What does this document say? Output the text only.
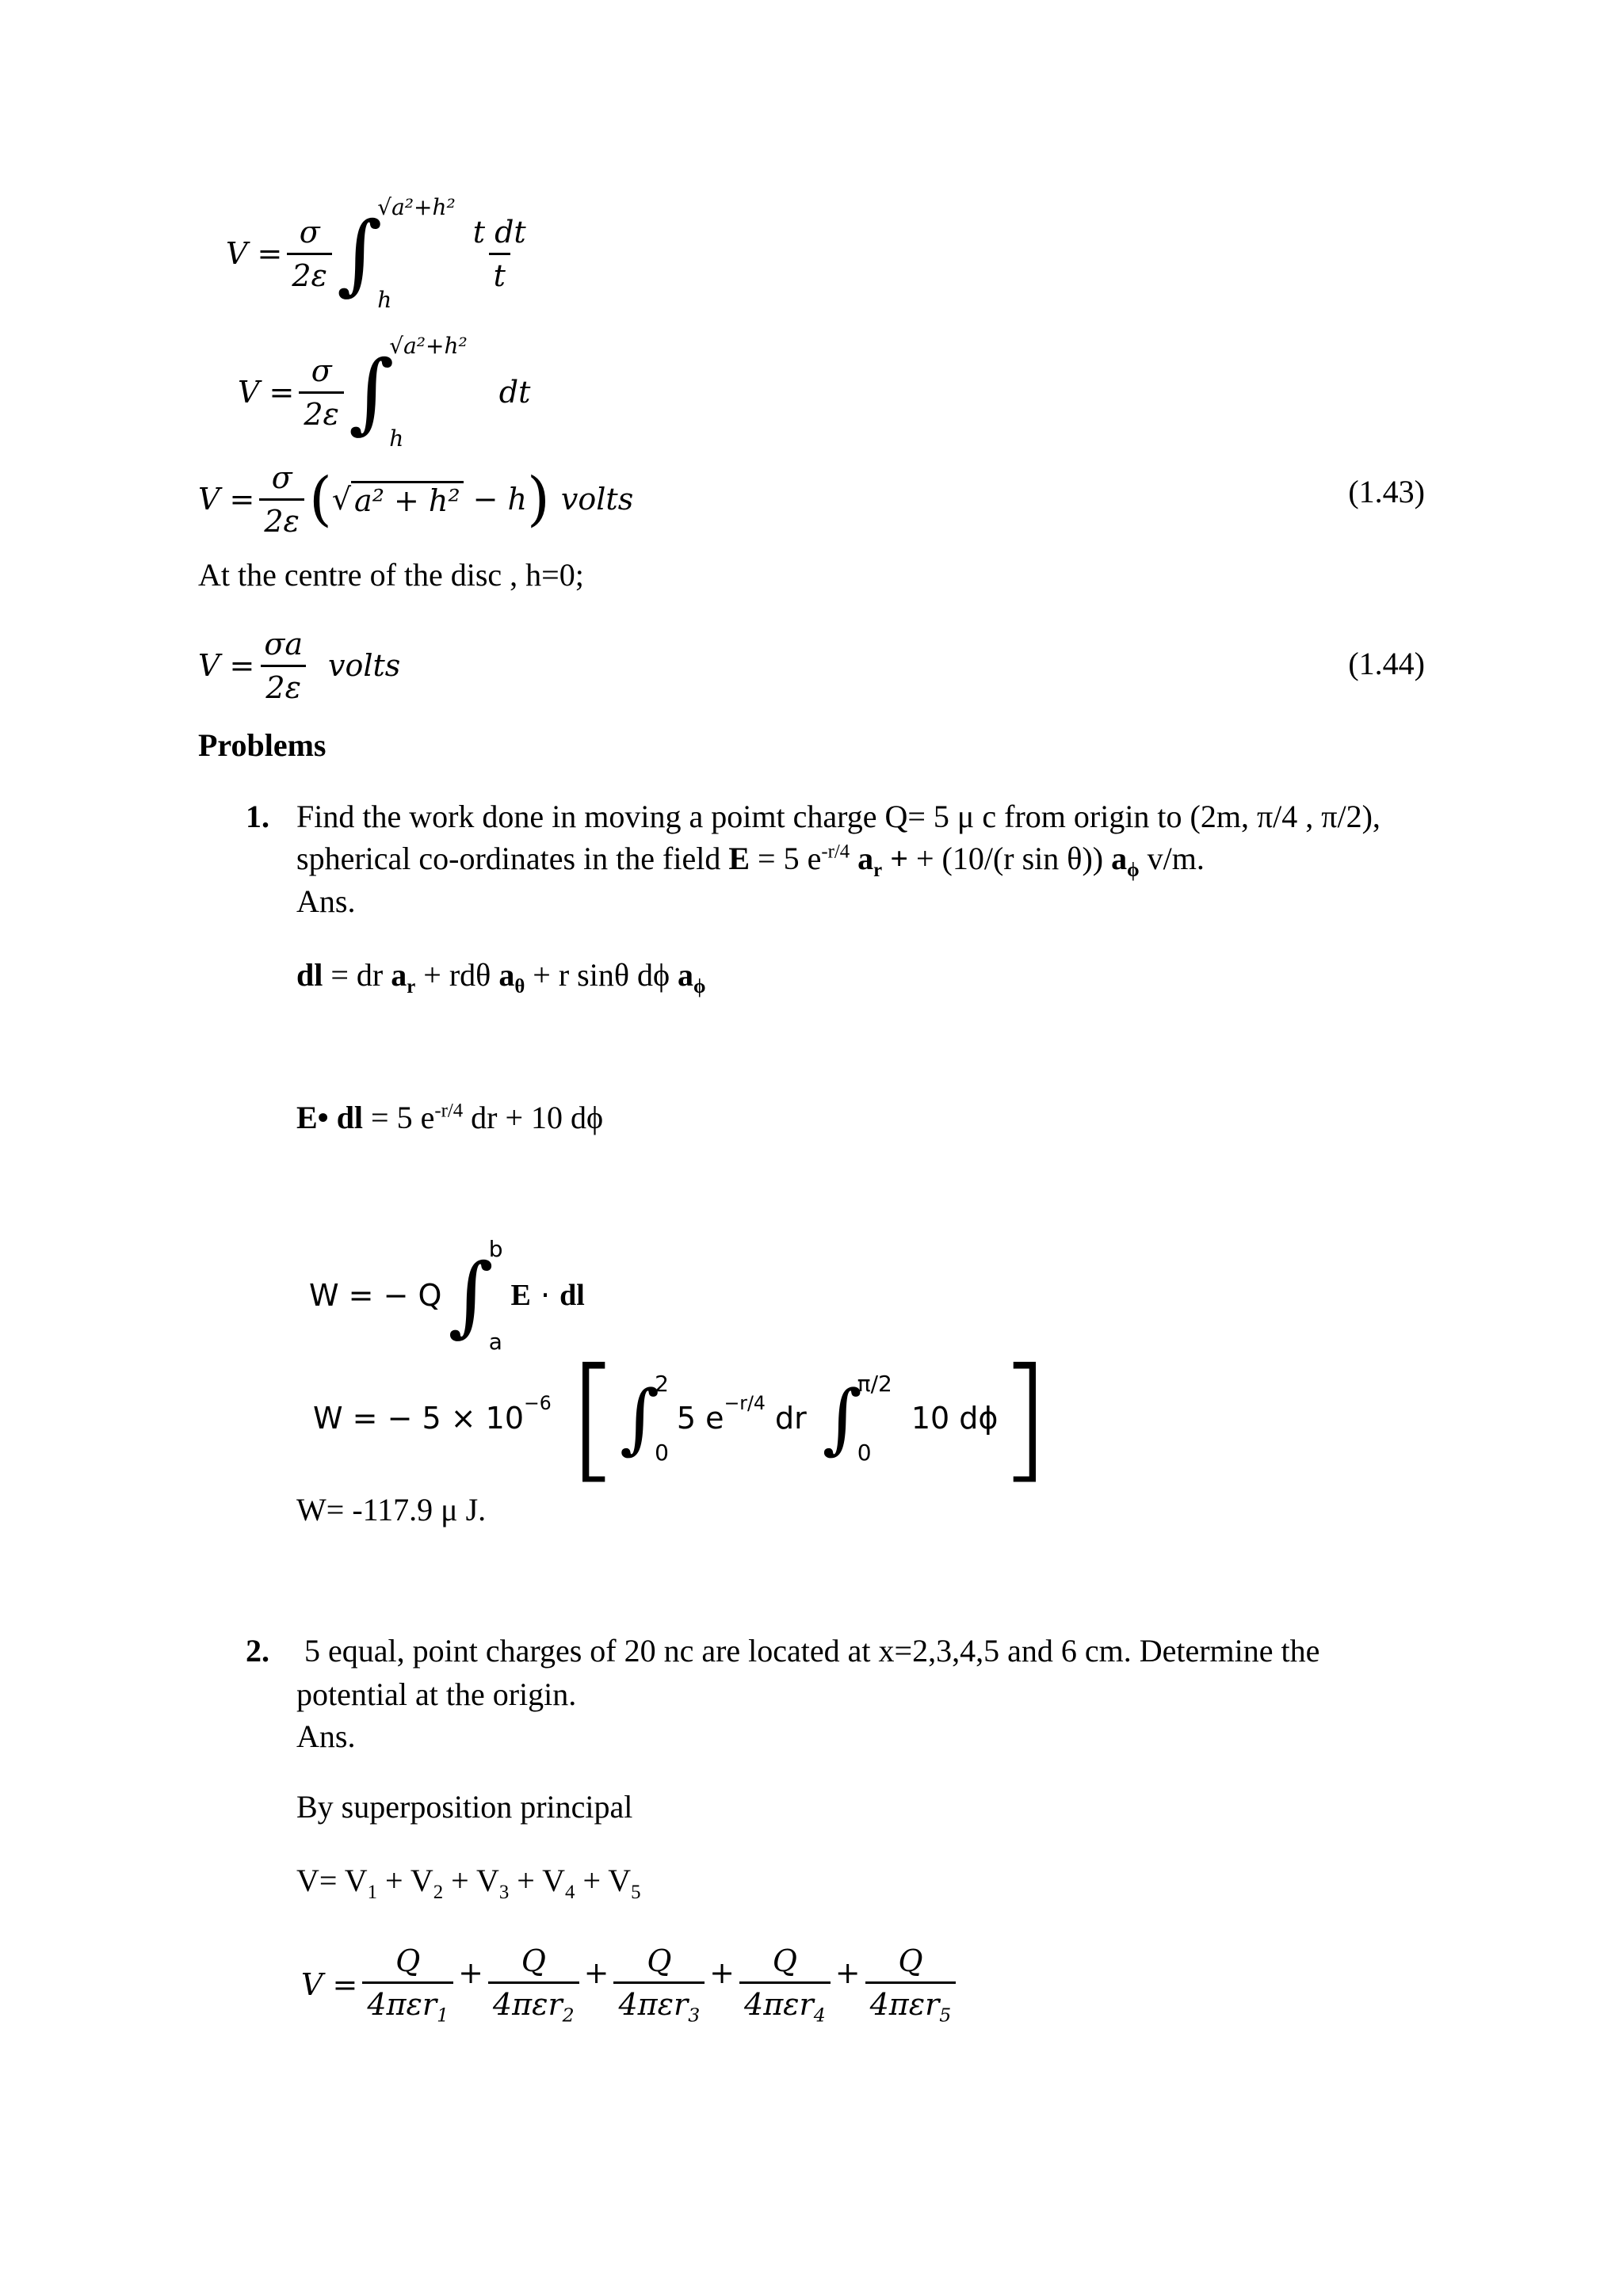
$V = \frac{\sigma}{2\varepsilon}$ ∫
√a²+h²
h
$\frac{\text{t dt}}{t}$
$V = \frac{\sigma}{2\varepsilon}$ ∫
√a²+h²
h
dt
$V = \frac{\sigma}{2\varepsilon}$ ( √ a² + h² − h ) volts	(1.43)
At the centre of the disc , h=0;
$V = \frac{\sigma a}{2\varepsilon}$ volts	(1.44)
Problems
1. Find the work done in moving a poimt charge Q= 5 μ c from origin to (2m, π/4 , π/2),
spherical co-ordinates in the field E = 5 $e^{-r/4}$ $a_r$ + + (10/(r sin θ)) $a_\phi$ v/m.
Ans.
dl = dr $a_r + rd\theta$ $a_\theta + r$ sinθ dϕ $a_\phi$
E• dl = 5 $e^{-r/4}$ dr + 10 dϕ
W = − Q ∫
b
a
E · dl
W = − $5 \times 10^{-6}$ [ ∫
2
0
5 $e^{-r/4}$ dr ∫
π/2
0
10 dϕ ]
W= -117.9 μ J.
2. 5 equal, point charges of 20 nc are located at x=2,3,4,5 and 6 cm. Determine the
potential at the origin.
Ans.
By superposition principal
$V= V_1 + V_2 + V_3 + V_4 + V_5$
$V = \frac{Q}{4\pi\varepsilon r_1} + \frac{Q}{4\pi\varepsilon r_2} + \frac{Q}{4\pi\varepsilon r_3} + \frac{Q}{4\pi\varepsilon r_4} + \frac{Q}{4\pi\varepsilon r_5}$
